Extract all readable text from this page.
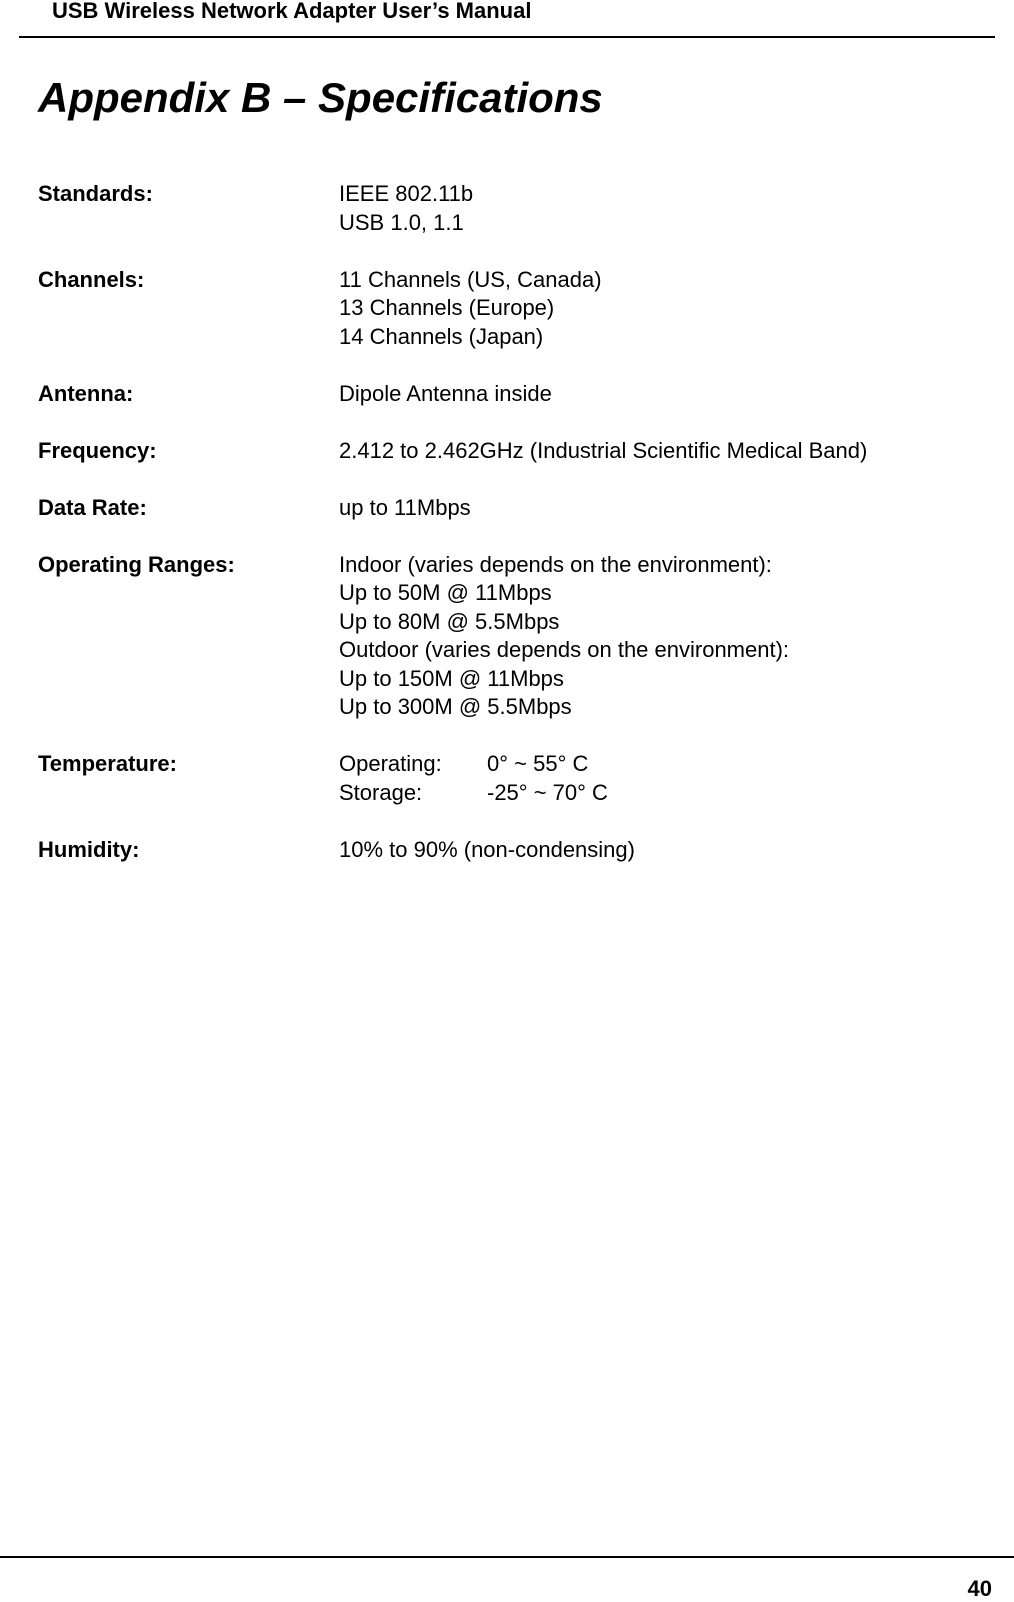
USB Wireless Network Adapter User’s Manual
Appendix B – Specifications
Standards:	IEEE 802.11b
USB 1.0, 1.1
Channels:	11 Channels (US, Canada)
13 Channels (Europe)
14 Channels (Japan)
Antenna:	Dipole Antenna inside
Frequency:	2.412 to 2.462GHz (Industrial Scientific Medical Band)
Data Rate:	up to 11Mbps
Operating Ranges:	Indoor (varies depends on the environment):
Up to 50M @ 11Mbps
Up to 80M @ 5.5Mbps
Outdoor (varies depends on the environment):
Up to 150M @ 11Mbps
Up to 300M @ 5.5Mbps
Temperature:	Operating:	0° ~ 55° C
Storage:	-25° ~ 70° C
Humidity:	10% to 90% (non-condensing)
40
